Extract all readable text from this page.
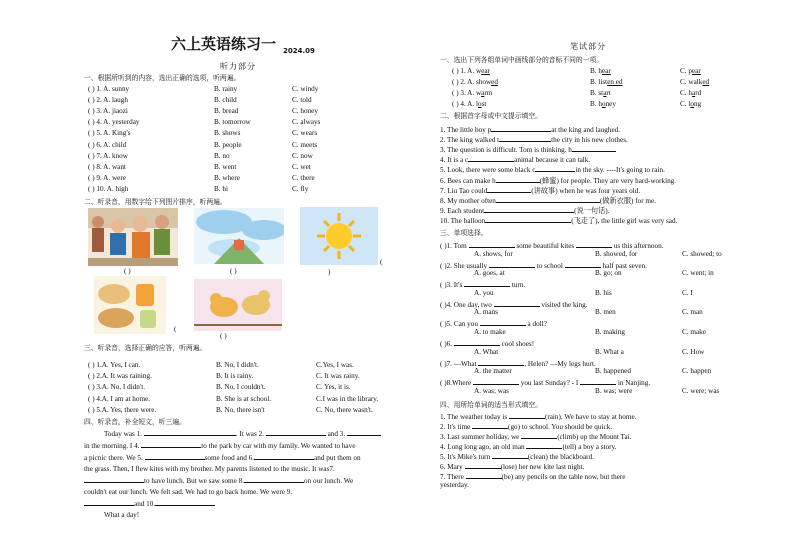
六上英语练习一 2024.09
听力部分
一、根据所听到的内容，选出正确的选项，听两遍。
( ) 1. A. sunny	B. rainy	C. windy
( ) 2. A. laugh	B. child	C. told
( ) 3. A. jiaozi	B. bread	C. honey
( ) 4. A. yesterday	B. tomorrow	C. always
( ) 5. A. King's	B. shows	C. wears
( ) 6. A. child	B. people	C. meets
( ) 7. A. know	B. no	C. now
( ) 8. A. want	B. went	C. wet
( ) 9. A. were	B. where	C. there
( ) 10. A. high	B. hi	C. fly
二、听录音，用数字给下列图片排序，听两遍。
( )	( )	)
(
(
( )
三、听录音，选择正确的应答，听两遍。
( ) 1.A. Yes, I can.	B. No, I didn't.	C.Yes, I was.
( ) 2.A. It was raining.	B. It is rainy.	C. It was rainy.
( ) 3.A. No, I didn't.	B. No, I couldn't.	C. Yes, it is.
( ) 4.A. I am at home.	B. She is at school.	C.I was in the library.
( ) 5.A. Yes, there were.	B. No, there isn't	C. No, there wasn't.
四、听录音，补全短文，听三遍。
Today was 1.	. It was 2.	and 3.
in the morning. I 4.	to the park by car with my family. We wanted to have
a picnic there. We 5.	some food and 6.	and put them on
the grass. Then, I flew kites with my brother. My parents listened to the music. It was7.
to have lunch. But we saw some 8.	on our lunch. We
couldn't eat our lunch. We felt sad. We had to go back home. We were 9.
and 10.
What a day!
笔试部分
一、选出下列各组单词中画线部分的音标不同的一项。
( ) 1. A. wear	B. hear	C. pear
( ) 2. A. showed	B. listen ed	C. walked
( ) 3. A. warm	B. start	C. hard
( ) 4. A. lost	B. honey	C. long
二、根据首字母或中文提示填空。
1. The little boy p	at the king and laughed.
2. The king walked t	the city in his new clothes.
3. The question is difficult. Tom is thinking. h
4. It is a c	animal because it can talk.
5. Look, there were some black c	in the sky. ----It's going to rain.
6. Bees can make h	(蜂蜜) for people. They are very hard-working.
7. Liu Tao could	(讲故事) when he was four years old.
8. My mother often	(做新衣服) for me.
9. Each student	(说一句话).
10. The balloon	(飞走了), the little girl was very sad.
三、单项选择。
( )1. Tom	some beautiful kites	us this afternoon.
A. shows, for	B. showed, for	C. showed; to
( )2. She usually	to school	half past seven.
A. goes, at	B. go; on	C. went; in
( )3. It's	turn.
A. you	B. his	C. I
( )4. One day, two	visited the king.
A. mans	B. men	C. man
( )5. Can you	a doll?
A. to make	B. making	C. make
( )6.	cool shoes!
A. What	B. What a	C. How
( )7. —What	, Helen? —My legs hurt.
A. the matter	B. happened	C. happen
( )8.Where	you last Sunday? - I	in Nanjing.
A. was; was	B. was; were	C. were; was
四、用所给单词的适当形式填空。
1. The weather today is	(rain). We have to stay at home.
2. It's time	(go) to school. You should be quick.
3. Last summer holiday, we	(climb) up the Mount Tai.
4. Long long ago, an old man	(tell) a boy a story.
5. It's Mike's turn	(clean) the blackboard.
6. Mary	(lose) her new kite last night.
7. There	(be) any pencils on the table now, but there
yesterday.
